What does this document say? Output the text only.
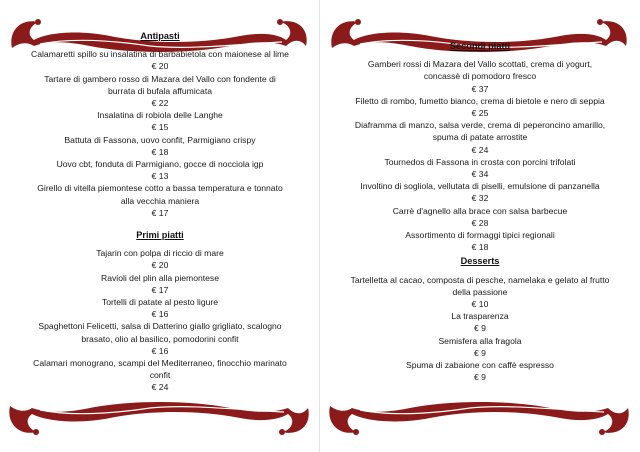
Antipasti
Calamaretti spillo su insalatina di barbabietola con maionese al lime
€ 20
Tartare di gambero rosso di Mazara del Vallo con fondente di burrata di bufala affumicata
€ 22
Insalatina di robiola delle Langhe
€ 15
Battuta di Fassona, uovo confit, Parmigiano crispy
€ 18
Uovo cbt, fonduta di Parmigiano, gocce di nocciola igp
€ 13
Girello di vitella piemontese cotto a bassa temperatura e tonnato alla vecchia maniera
€ 17
Primi piatti
Tajarin con polpa di riccio di mare
€ 20
Ravioli del plin alla piemontese
€ 17
Tortelli di patate al pesto ligure
€ 16
Spaghettoni Felicetti, salsa di Datterino giallo grigliato, scalogno brasato, olio al basilico, pomodorini confit
€ 16
Calamari monograno, scampi del Mediterraneo, finocchio marinato confit
€ 24
Secondi piatti
Gamberi rossi di Mazara del Vallo scottati, crema di yogurt, concassè di pomodoro fresco
€ 37
Filetto di rombo, fumetto bianco, crema di bietole e nero di seppia
€ 25
Diaframma di manzo, salsa verde, crema di peperoncino amarillo, spuma di patate arrostite
€ 24
Tournedos di Fassona in crosta con porcini trifolati
€ 34
Involtino di sogliola, vellutata di piselli, emulsione di panzanella
€ 32
Carrè d'agnello alla brace con salsa barbecue
€ 28
Assortimento di formaggi tipici regionali
€ 18
Desserts
Tartelletta al cacao, composta di pesche, namelaka e gelato al frutto della passione
€ 10
La trasparenza
€ 9
Semisfera alla fragola
€ 9
Spuma di zabaione con caffè espresso
€ 9
